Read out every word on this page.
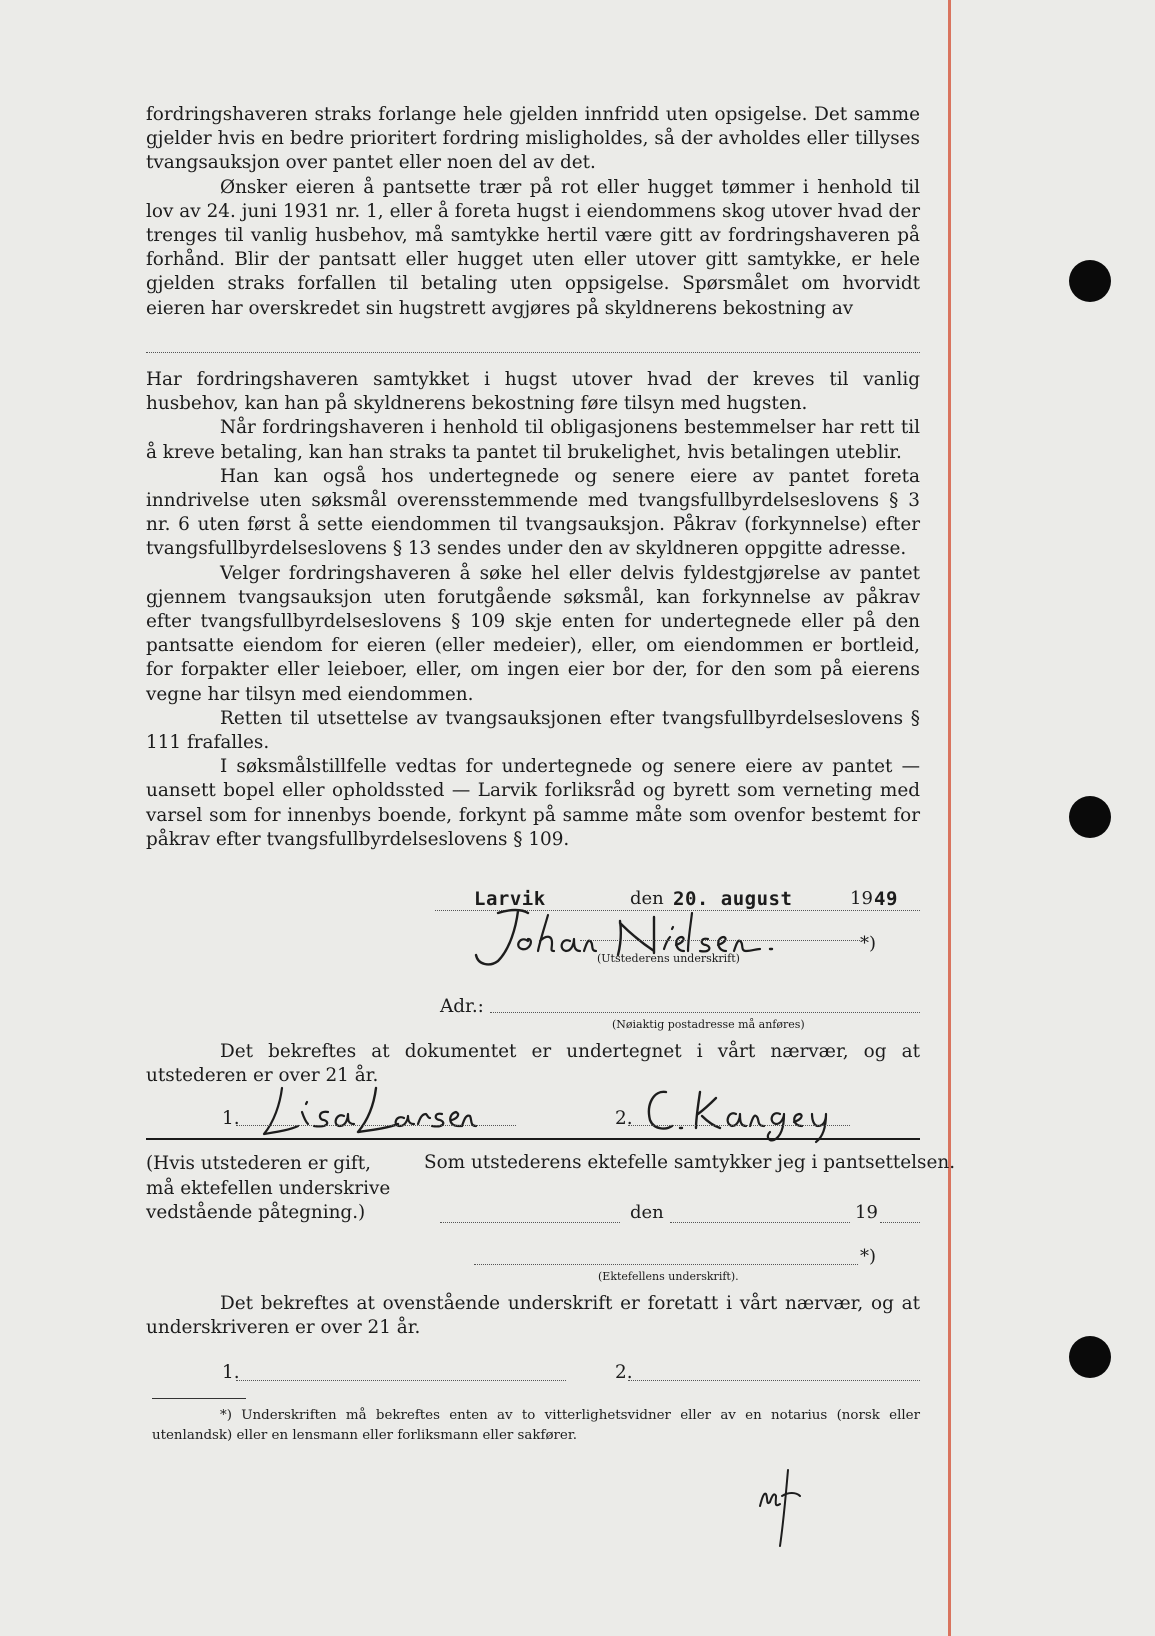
fordringshaveren straks forlange hele gjelden innfridd uten opsigelse. Det samme gjelder hvis en bedre prioritert fordring misligholdes, så der avholdes eller tillyses tvangsauksjon over pantet eller noen del av det.

Ønsker eieren å pantsette trær på rot eller hugget tømmer i henhold til lov av 24. juni 1931 nr. 1, eller å foreta hugst i eiendommens skog utover hvad der trenges til vanlig husbehov, må samtykke hertil være gitt av fordringshaveren på forhånd. Blir der pantsatt eller hugget uten eller utover gitt samtykke, er hele gjelden straks forfallen til betaling uten oppsigelse. Spørsmålet om hvorvidt eieren har overskredet sin hugstrett avgjøres på skyldnerens bekostning av

Har fordringshaveren samtykket i hugst utover hvad der kreves til vanlig husbehov, kan han på skyldnerens bekostning føre tilsyn med hugsten.

Når fordringshaveren i henhold til obligasjonens bestemmelser har rett til å kreve betaling, kan han straks ta pantet til brukelighet, hvis betalingen uteblir.

Han kan også hos undertegnede og senere eiere av pantet foreta inndrivelse uten søksmål overensstemmende med tvangsfullbyrdelseslovens § 3 nr. 6 uten først å sette eiendommen til tvangsauksjon. Påkrav (forkynnelse) efter tvangsfullbyrdelseslovens § 13 sendes under den av skyldneren oppgitte adresse.

Velger fordringshaveren å søke hel eller delvis fyldestgjørelse av pantet gjennem tvangsauksjon uten forutgående søksmål, kan forkynnelse av påkrav efter tvangsfullbyrdelseslovens § 109 skje enten for undertegnede eller på den pantsatte eiendom for eieren (eller medeier), eller, om eiendommen er bortleid, for forpakter eller leieboer, eller, om ingen eier bor der, for den som på eierens vegne har tilsyn med eiendommen.

Retten til utsettelse av tvangsauksjonen efter tvangsfullbyrdelseslovens § 111 frafalles.

I søksmålstillfelle vedtas for undertegnede og senere eiere av pantet — uansett bopel eller opholdssted — Larvik forliksråd og byrett som verneting med varsel som for innenbys boende, forkynt på samme måte som ovenfor bestemt for påkrav efter tvangsfullbyrdelseslovens § 109.

Larvik	den 20. august	19 49
*)
(Utstederens underskrift)
Adr.:
(Nøiaktig postadresse må anføres)

Det bekreftes at dokumentet er undertegnet i vårt nærvær, og at utstederen er over 21 år.

1.	2.
(Hvis utstederen er gift, må ektefellen underskrive vedstående påtegning.)
Som utstederens ektefelle samtykker jeg i pantsettelsen.
den	19
*)
(Ektefellens underskrift).

Det bekreftes at ovenstående underskrift er foretatt i vårt nærvær, og at underskriveren er over 21 år.

1.	2.
*) Underskriften må bekreftes enten av to vitterlighetsvidner eller av en notarius (norsk eller utenlandsk) eller en lensmann eller forliksmann eller sakfører.
